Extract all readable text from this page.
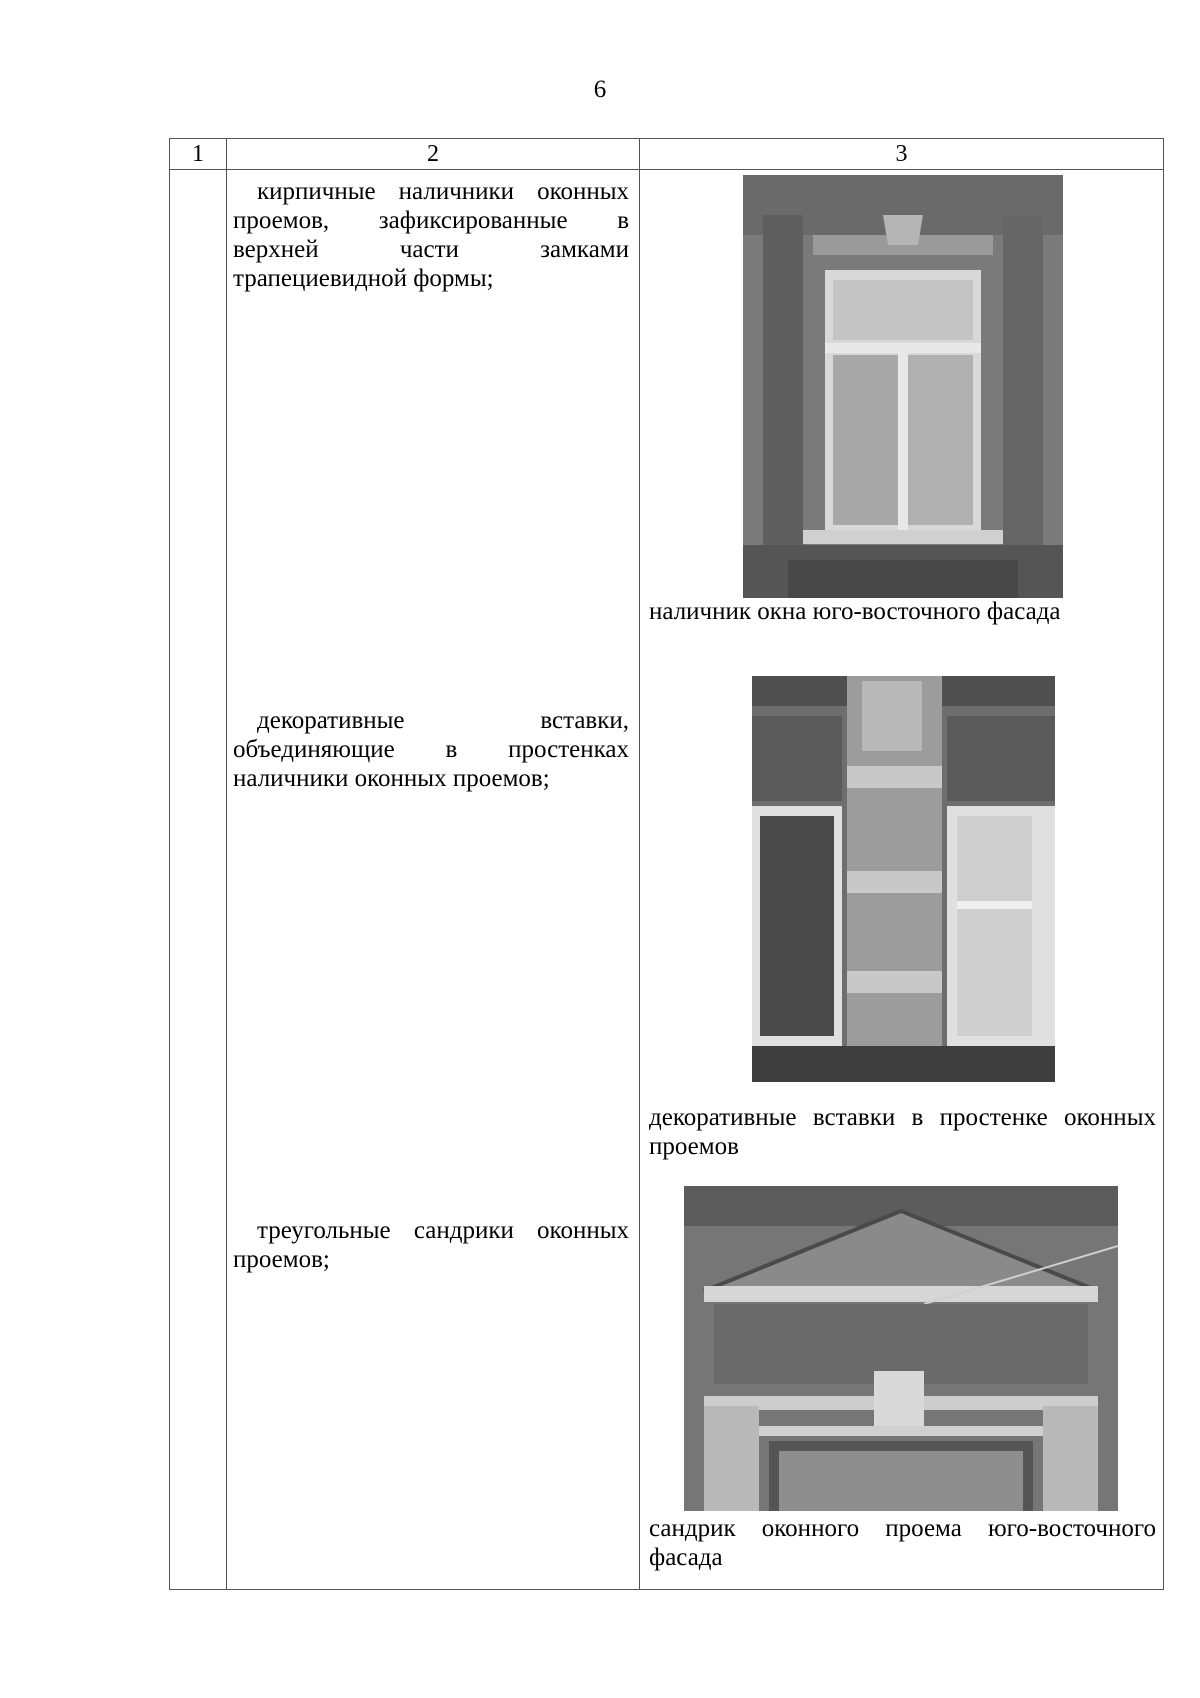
6
1	2	3
кирпичные наличники оконных проемов, зафиксированные в верхней части замками трапециевидной формы;
наличник окна юго-восточного фасада
декоративные вставки, объединяющие в простенках наличники оконных проемов;
декоративные вставки в простенке оконных проемов
треугольные сандрики оконных проемов;
сандрик оконного проема юго-восточного фасада
